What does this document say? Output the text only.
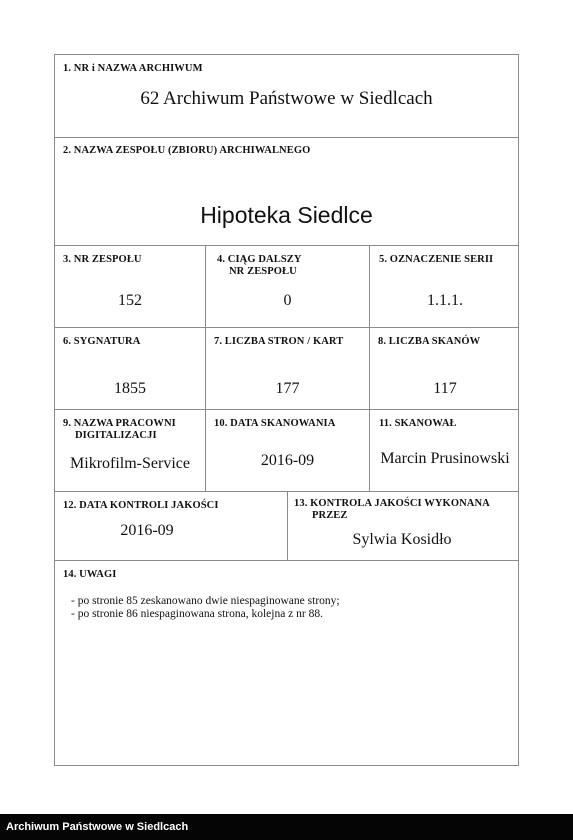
1. NR i NAZWA ARCHIWUM
62 Archiwum Państwowe w Siedlcach
2. NAZWA ZESPOŁU (ZBIORU) ARCHIWALNEGO
Hipoteka Siedlce
3. NR ZESPOŁU
152
4. CIĄG DALSZY
NR ZESPOŁU
0
5. OZNACZENIE SERII
1.1.1.
6. SYGNATURA
1855
7. LICZBA STRON / KART
177
8. LICZBA SKANÓW
117
9. NAZWA PRACOWNI
DIGITALIZACJI
Mikrofilm-Service
10. DATA SKANOWANIA
2016-09
11. SKANOWAŁ
Marcin Prusinowski
12. DATA KONTROLI JAKOŚCI
2016-09
13. KONTROLA JAKOŚCI WYKONANA
PRZEZ
Sylwia Kosidło
14. UWAGI
- po stronie 85 zeskanowano dwie niespaginowane strony;
- po stronie 86 niespaginowana strona, kolejna z nr 88.
Archiwum Państwowe w Siedlcach
